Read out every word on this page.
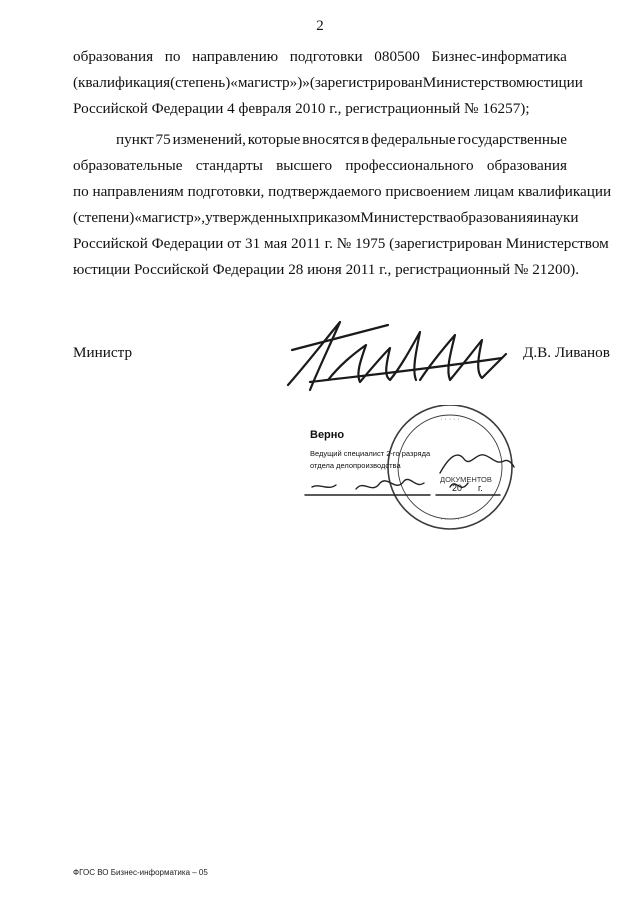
2
образования по направлению подготовки 080500 Бизнес-информатика
(квалификация (степень) «магистр»)» (зарегистрирован Министерством юстиции
Российской Федерации 4 февраля 2010 г., регистрационный № 16257);
пункт 75 изменений, которые вносятся в федеральные государственные
образовательные стандарты высшего профессионального образования
по направлениям подготовки, подтверждаемого присвоением лицам квалификации
(степени) «магистр», утвержденных приказом Министерства образования и науки
Российской Федерации от 31 мая 2011 г. № 1975 (зарегистрирован Министерством
юстиции Российской Федерации 28 июня 2011 г., регистрационный № 21200).
Министр	Д.В. Ливанов
· · · · ·
· · · · ·
Верно
Ведущий специалист 2-го разряда
отдела делопроизводства
ДОКУМЕНТОВ
20 г.
ФГОС ВО Бизнес-информатика – 05
